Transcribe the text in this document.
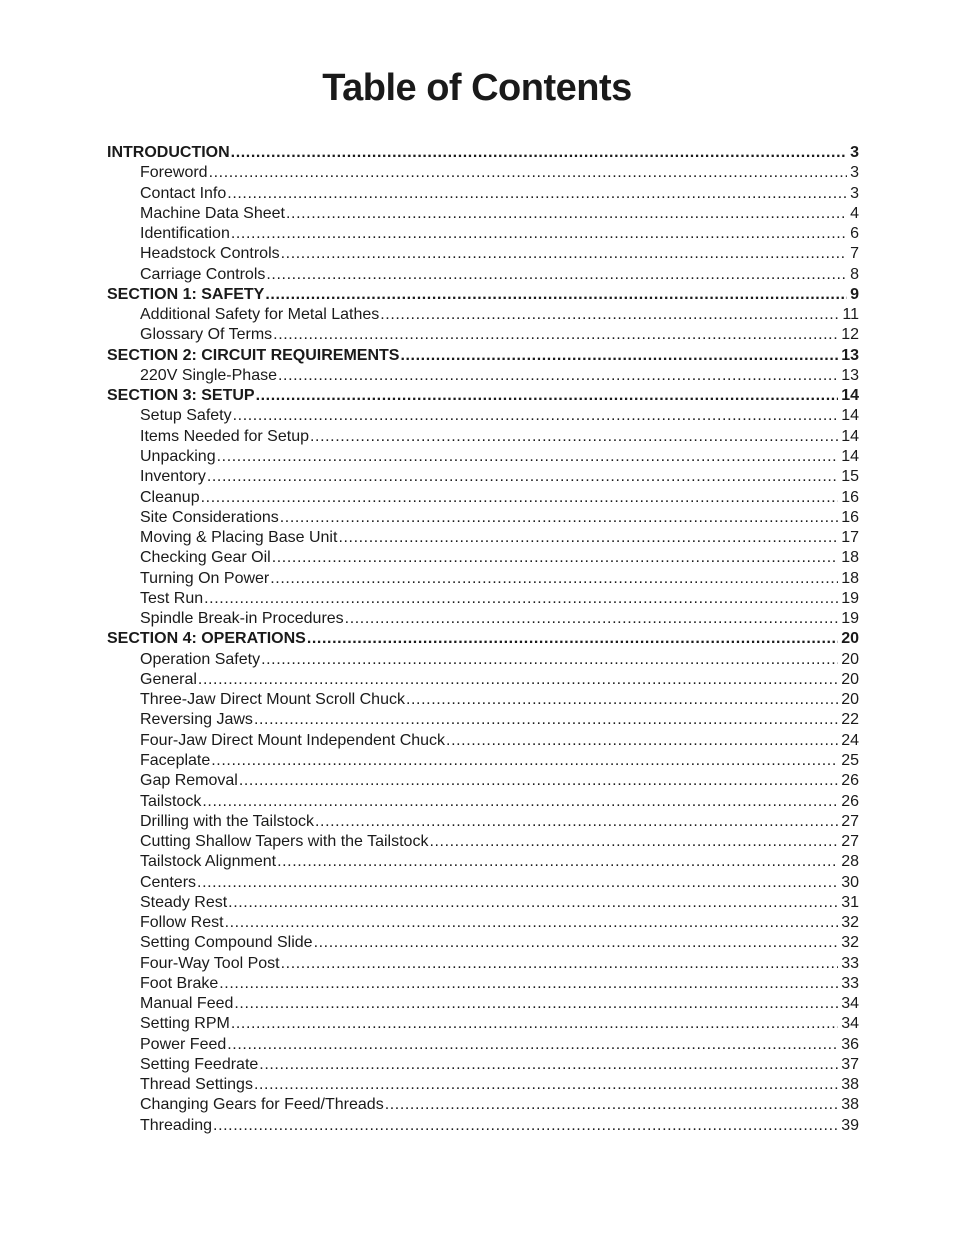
Table of Contents
INTRODUCTION .....	3
Foreword .....	3
Contact Info .....	3
Machine Data Sheet .....	4
Identification .....	6
Headstock Controls .....	7
Carriage Controls .....	8
SECTION 1: SAFETY .....	9
Additional Safety for Metal Lathes .....	11
Glossary Of Terms .....	12
SECTION 2: CIRCUIT REQUIREMENTS .....	13
220V Single-Phase .....	13
SECTION 3: SETUP .....	14
Setup Safety .....	14
Items Needed for Setup .....	14
Unpacking .....	14
Inventory .....	15
Cleanup .....	16
Site Considerations .....	16
Moving & Placing Base Unit .....	17
Checking Gear Oil .....	18
Turning On Power .....	18
Test Run .....	19
Spindle Break-in Procedures .....	19
SECTION 4: OPERATIONS .....	20
Operation Safety .....	20
General .....	20
Three-Jaw Direct Mount Scroll Chuck .....	20
Reversing Jaws .....	22
Four-Jaw Direct Mount Independent Chuck .....	24
Faceplate .....	25
Gap Removal .....	26
Tailstock .....	26
Drilling with the Tailstock .....	27
Cutting Shallow Tapers with the Tailstock .....	27
Tailstock Alignment .....	28
Centers .....	30
Steady Rest .....	31
Follow Rest .....	32
Setting Compound Slide .....	32
Four-Way Tool Post .....	33
Foot Brake .....	33
Manual Feed .....	34
Setting RPM .....	34
Power Feed .....	36
Setting Feedrate .....	37
Thread Settings .....	38
Changing Gears for Feed/Threads .....	38
Threading .....	39
